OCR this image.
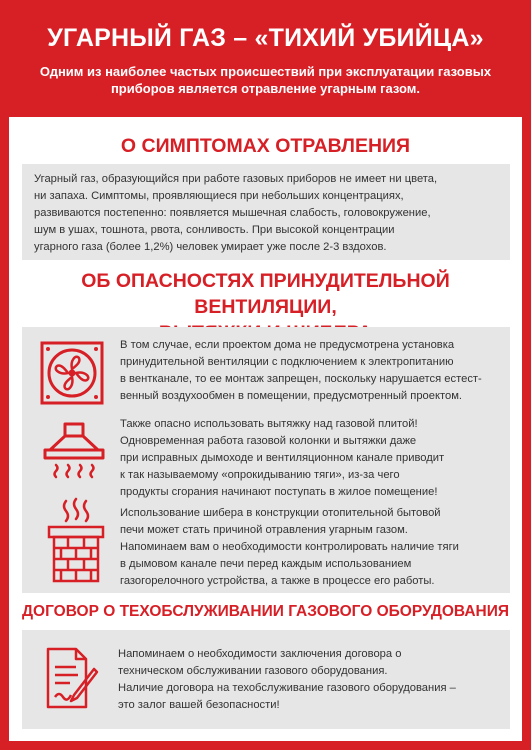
УГАРНЫЙ ГАЗ – «ТИХИЙ УБИЙЦА»

Одним из наиболее частых происшествий при эксплуатации газовых
приборов является отравление угарным газом.

О СИМПТОМАХ ОТРАВЛЕНИЯ
Угарный газ, образующийся при работе газовых приборов не имеет ни цвета,
ни запаха. Симптомы, проявляющиеся при небольших концентрациях,
развиваются постепенно: появляется мышечная слабость, головокружение,
шум в ушах, тошнота, рвота, сонливость. При высокой концентрации
угарного газа (более 1,2%) человек умирает уже после 2-3 вздохов.
ОБ ОПАСНОСТЯХ ПРИНУДИТЕЛЬНОЙ ВЕНТИЛЯЦИИ,
В том случае, если проектом дома не предусмотрена установка
принудительной вентиляции с подключением к электропитанию
в вентканале, то ее монтаж запрещен, поскольку нарушается естест-
венный воздухообмен в помещении, предусмотренный проектом.
Также опасно использовать вытяжку над газовой плитой!
Одновременная работа газовой колонки и вытяжки даже
при исправных дымоходе и вентиляционном канале приводит
к так называемому «опрокидыванию тяги», из-за чего
продукты сгорания начинают поступать в жилое помещение!
Использование шибера в конструкции отопительной бытовой
печи может стать причиной отравления угарным газом.
Напоминаем вам о необходимости контролировать наличие тяги
в дымовом канале печи перед каждым использованием
газогорелочного устройства, а также в процессе его работы.
ДОГОВОР О ТЕХОБСЛУЖИВАНИИ ГАЗОВОГО ОБОРУДОВАНИЯ
Напоминаем о необходимости заключения договора о
техническом обслуживании газового оборудования.
Наличие договора на техобслуживание газового оборудования –
это залог вашей безопасности!
